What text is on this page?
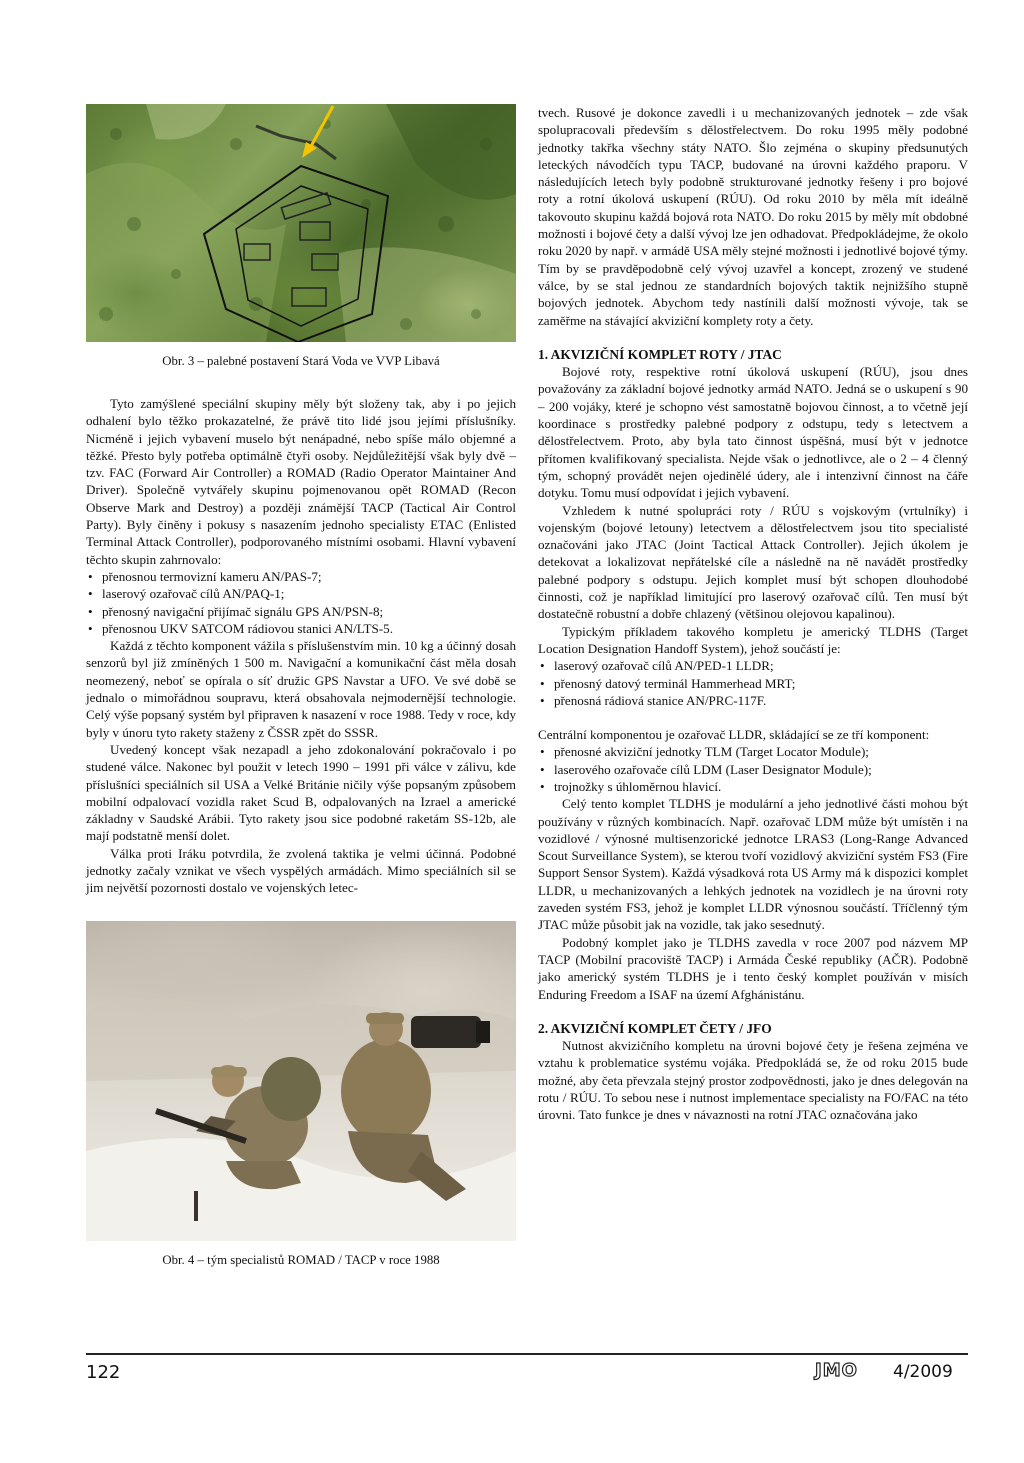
Obr. 3 – palebné postavení Stará Voda ve VVP Libavá

Tyto zamýšlené speciální skupiny měly být složeny tak, aby i po jejich odhalení bylo těžko prokazatelné, že právě tito lidé jsou jejími příslušníky. Nicméně i jejich vybavení muselo být nenápadné, nebo spíše málo objemné a těžké. Přesto byly potřeba optimálně čtyři osoby. Nejdůležitější však byly dvě – tzv. FAC (Forward Air Controller) a ROMAD (Radio Operator Maintainer And Driver). Společně vytvářely skupinu pojmenovanou opět ROMAD (Recon Observe Mark and Destroy) a později známější TACP (Tactical Air Control Party). Byly činěny i pokusy s nasazením jednoho specialisty ETAC (Enlisted Terminal Attack Controller), podporovaného místními osobami. Hlavní vybavení těchto skupin zahrnovalo:

• přenosnou termovizní kameru AN/PAS-7;
• laserový ozařovač cílů AN/PAQ-1;
• přenosný navigační přijímač signálu GPS AN/PSN-8;
• přenosnou UKV SATCOM rádiovou stanici AN/LTS-5.

Každá z těchto komponent vážila s příslušenstvím min. 10 kg a účinný dosah senzorů byl již zmíněných 1 500 m. Navigační a komunikační část měla dosah neomezený, neboť se opírala o síť družic GPS Navstar a UFO. Ve své době se jednalo o mimořádnou soupravu, která obsahovala nejmodernější technologie. Celý výše popsaný systém byl připraven k nasazení v roce 1988. Tedy v roce, kdy byly v únoru tyto rakety staženy z ČSSR zpět do SSSR.

Uvedený koncept však nezapadl a jeho zdokonalování pokračovalo i po studené válce. Nakonec byl použit v letech 1990 – 1991 při válce v zálivu, kde příslušníci speciálních sil USA a Velké Británie ničily výše popsaným způsobem mobilní odpalovací vozidla raket Scud B, odpalovaných na Izrael a americké základny v Saudské Arábii. Tyto rakety jsou sice podobné raketám SS-12b, ale mají podstatně menší dolet.

Válka proti Iráku potvrdila, že zvolená taktika je velmi účinná. Podobné jednotky začaly vznikat ve všech vyspělých armádách. Mimo speciálních sil se jim největší pozornosti dostalo ve vojenských letec-

Obr. 4 – tým specialistů ROMAD / TACP v roce 1988

tvech. Rusové je dokonce zavedli i u mechanizovaných jednotek – zde však spolupracovali především s dělostřelectvem. Do roku 1995 měly podobné jednotky takřka všechny státy NATO. Šlo zejména o skupiny předsunutých leteckých návodčích typu TACP, budované na úrovni každého praporu. V následujících letech byly podobně strukturované jednotky řešeny i pro bojové roty a rotní úkolová uskupení (RÚU). Od roku 2010 by měla mít ideálně takovouto skupinu každá bojová rota NATO. Do roku 2015 by měly mít obdobné možnosti i bojové čety a další vývoj lze jen odhadovat. Předpokládejme, že okolo roku 2020 by např. v armádě USA měly stejné možnosti i jednotlivé bojové týmy. Tím by se pravděpodobně celý vývoj uzavřel a koncept, zrozený ve studené válce, by se stal jednou ze standardních bojových taktik nejnižšího stupně bojových jednotek. Abychom tedy nastínili další možnosti vývoje, tak se zaměřme na stávající akviziční komplety roty a čety.

1. AKVIZIČNÍ KOMPLET ROTY / JTAC

Bojové roty, respektive rotní úkolová uskupení (RÚU), jsou dnes považovány za základní bojové jednotky armád NATO. Jedná se o uskupení s 90 – 200 vojáky, které je schopno vést samostatně bojovou činnost, a to včetně její koordinace s prostředky palebné podpory z odstupu, tedy s letectvem a dělostřelectvem. Proto, aby byla tato činnost úspěšná, musí být v jednotce přítomen kvalifikovaný specialista. Nejde však o jednotlivce, ale o 2 – 4 členný tým, schopný provádět nejen ojedinělé údery, ale i intenzivní činnost na čáře dotyku. Tomu musí odpovídat i jejich vybavení.

Vzhledem k nutné spolupráci roty / RÚU s vojskovým (vrtulníky) i vojenským (bojové letouny) letectvem a dělostřelectvem jsou tito specialisté označováni jako JTAC (Joint Tactical Attack Controller). Jejich úkolem je detekovat a lokalizovat nepřátelské cíle a následně na ně navádět prostředky palebné podpory s odstupu. Jejich komplet musí být schopen dlouhodobé činnosti, což je například limitující pro laserový ozařovač cílů. Ten musí být dostatečně robustní a dobře chlazený (většinou olejovou kapalinou).

Typickým příkladem takového kompletu je americký TLDHS (Target Location Designation Handoff System), jehož součástí je:

• laserový ozařovač cílů AN/PED-1 LLDR;
• přenosný datový terminál Hammerhead MRT;
• přenosná rádiová stanice AN/PRC-117F.

Centrální komponentou je ozařovač LLDR, skládající se ze tří komponent:

• přenosné akviziční jednotky TLM (Target Locator Module);
• laserového ozařovače cílů LDM (Laser Designator Module);
• trojnožky s úhloměrnou hlavicí.

Celý tento komplet TLDHS je modulární a jeho jednotlivé části mohou být používány v různých kombinacích. Např. ozařovač LDM může být umístěn i na vozidlové / výnosné multisenzorické jednotce LRAS3 (Long-Range Advanced Scout Surveillance System), se kterou tvoří vozidlový akviziční systém FS3 (Fire Support Sensor System). Každá výsadková rota US Army má k dispozici komplet LLDR, u mechanizovaných a lehkých jednotek na vozidlech je na úrovni roty zaveden systém FS3, jehož je komplet LLDR výnosnou součástí. Tříčlenný tým JTAC může působit jak na vozidle, tak jako sesednutý.

Podobný komplet jako je TLDHS zavedla v roce 2007 pod názvem MP TACP (Mobilní pracoviště TACP) i Armáda České republiky (AČR). Podobně jako americký systém TLDHS je i tento český komplet používán v misích Enduring Freedom a ISAF na území Afghánistánu.

2. AKVIZIČNÍ KOMPLET ČETY / JFO

Nutnost akvizičního kompletu na úrovni bojové čety je řešena zejména ve vztahu k problematice systému vojáka. Předpokládá se, že od roku 2015 bude možné, aby četa převzala stejný prostor zodpovědnosti, jako je dnes delegován na rotu / RÚU. To sebou nese i nutnost implementace specialisty na FO/FAC na této úrovni. Tato funkce je dnes v návaznosti na rotní JTAC označována jako

122	JMO 4/2009
